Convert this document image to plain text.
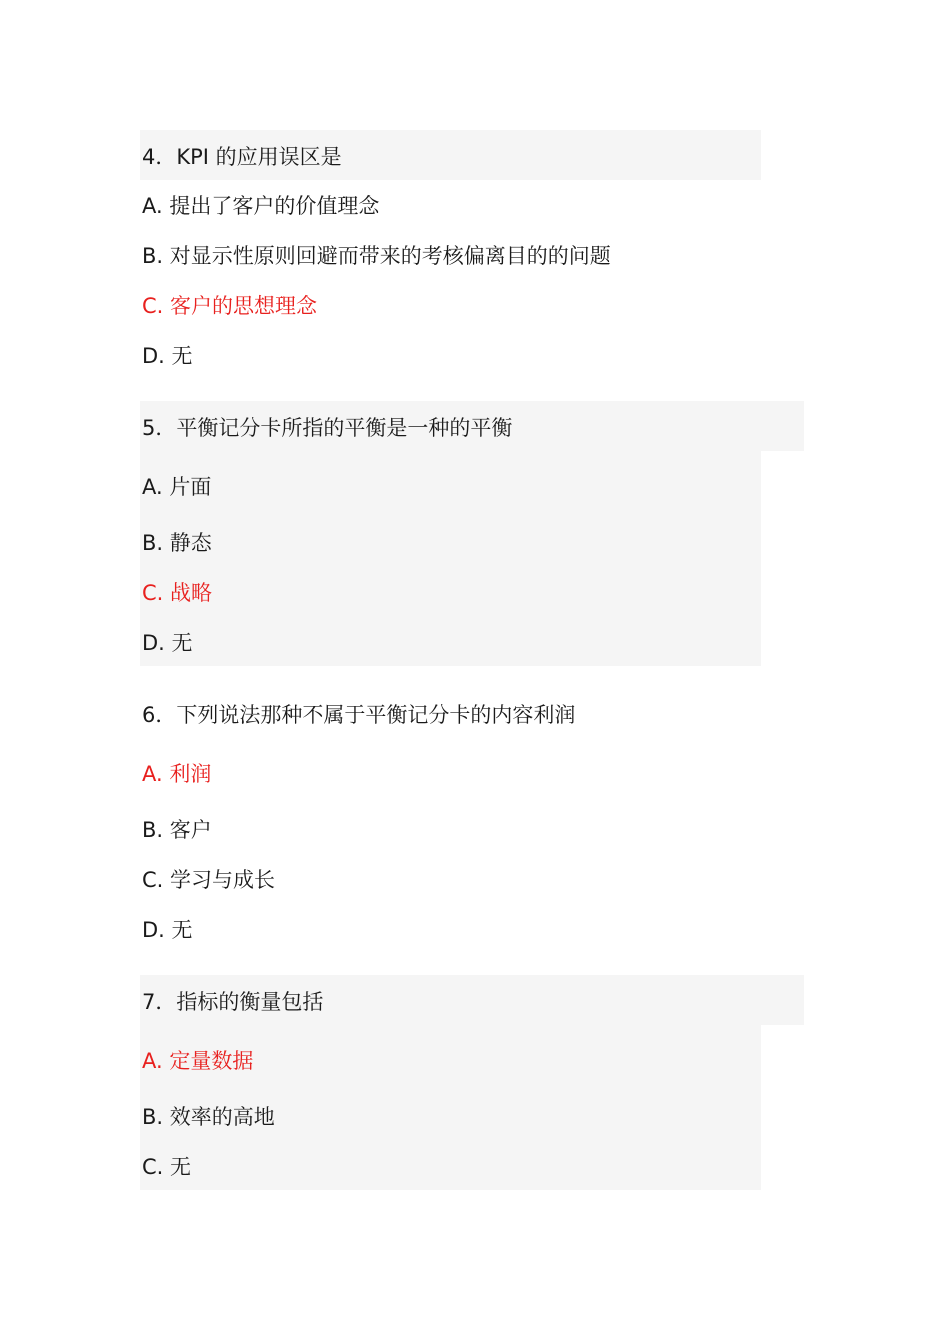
4．KPI 的应用误区是
A. 提出了客户的价值理念
B. 对显示性原则回避而带来的考核偏离目的的问题
C. 客户的思想理念
D. 无
5．平衡记分卡所指的平衡是一种的平衡
A. 片面
B. 静态
C. 战略
D. 无
6．下列说法那种不属于平衡记分卡的内容利润
A. 利润
B. 客户
C. 学习与成长
D. 无
7．指标的衡量包括
A. 定量数据
B. 效率的高地
C. 无
